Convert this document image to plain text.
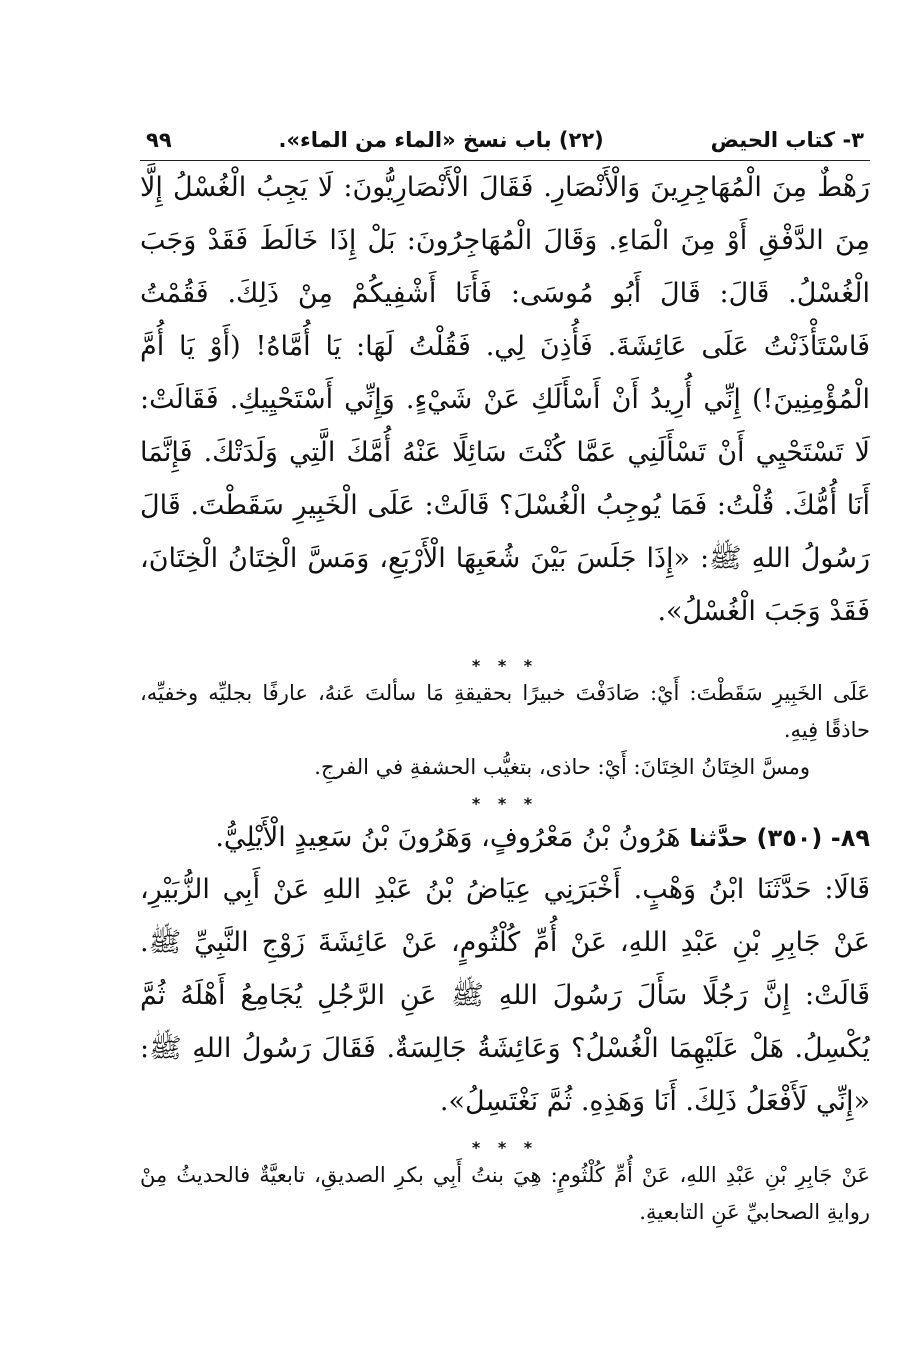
٣- كتاب الحيض
(٢٢) باب نسخ «الماء من الماء».
٩٩

رَهْطٌ مِنَ الْمُهَاجِرِينَ وَالْأَنْصَارِ. فَقَالَ الْأَنْصَارِيُّونَ: لَا يَجِبُ الْغُسْلُ إِلَّا مِنَ الدَّفْقِ أَوْ مِنَ الْمَاءِ. وَقَالَ الْمُهَاجِرُونَ: بَلْ إِذَا خَالَطَ فَقَدْ وَجَبَ الْغُسْلُ. قَالَ: قَالَ أَبُو مُوسَى: فَأَنَا أَشْفِيكُمْ مِنْ ذَلِكَ. فَقُمْتُ فَاسْتَأْذَنْتُ عَلَى عَائِشَةَ. فَأُذِنَ لِي. فَقُلْتُ لَهَا: يَا أُمَّاهُ! (أَوْ يَا أُمَّ الْمُؤْمِنِينَ!) إِنِّي أُرِيدُ أَنْ أَسْأَلَكِ عَنْ شَيْءٍ. وَإِنِّي أَسْتَحْيِيكِ. فَقَالَتْ: لَا تَسْتَحْيِي أَنْ تَسْأَلَنِي عَمَّا كُنْتَ سَائِلًا عَنْهُ أُمَّكَ الَّتِي وَلَدَتْكَ. فَإِنَّمَا أَنَا أُمُّكَ. قُلْتُ: فَمَا يُوجِبُ الْغُسْلَ؟ قَالَتْ: عَلَى الْخَبِيرِ سَقَطْتَ. قَالَ رَسُولُ اللهِ ﷺ: «إِذَا جَلَسَ بَيْنَ شُعَبِهَا الْأَرْبَعِ، وَمَسَّ الْخِتَانُ الْخِتَانَ، فَقَدْ وَجَبَ الْغُسْلُ».

* * *

عَلَى الخَبِيرِ سَقَطْتَ: أَيْ: صَادَفْتَ خبيرًا بحقيقةِ مَا سألتَ عَنهُ، عارفًا بجليِّه وخفيِّه، حاذقًا فِيهِ.

ومسَّ الخِتَانُ الخِتَانَ: أَيْ: حاذى، بتغيُّب الحشفةِ في الفرجِ.

* * *

٨٩- (٣٥٠) حدَّثنا هَرُونُ بْنُ مَعْرُوفٍ، وَهَرُونَ بْنُ سَعِيدٍ الْأَيْلِيُّ.

قَالَا: حَدَّثَنَا ابْنُ وَهْبٍ. أَخْبَرَنِي عِيَاضُ بْنُ عَبْدِ اللهِ عَنْ أَبِي الزُّبَيْرِ، عَنْ جَابِرِ بْنِ عَبْدِ اللهِ، عَنْ أُمِّ كُلْثُومٍ، عَنْ عَائِشَةَ زَوْجِ النَّبِيِّ ﷺ. قَالَتْ: إِنَّ رَجُلًا سَأَلَ رَسُولَ اللهِ ﷺ عَنِ الرَّجُلِ يُجَامِعُ أَهْلَهُ ثُمَّ يُكْسِلُ. هَلْ عَلَيْهِمَا الْغُسْلُ؟ وَعَائِشَةُ جَالِسَةٌ. فَقَالَ رَسُولُ اللهِ ﷺ: «إِنِّي لَأَفْعَلُ ذَلِكَ. أَنَا وَهَذِهِ. ثُمَّ نَغْتَسِلُ».

* * *

عَنْ جَابِرِ بْنِ عَبْدِ اللهِ، عَنْ أُمِّ كُلْثُومٍ: هِيَ بنتُ أَبِي بكرِ الصديقِ، تابعيَّةٌ فالحديثُ مِنْ روايةِ الصحابيِّ عَنِ التابعيةِ.
